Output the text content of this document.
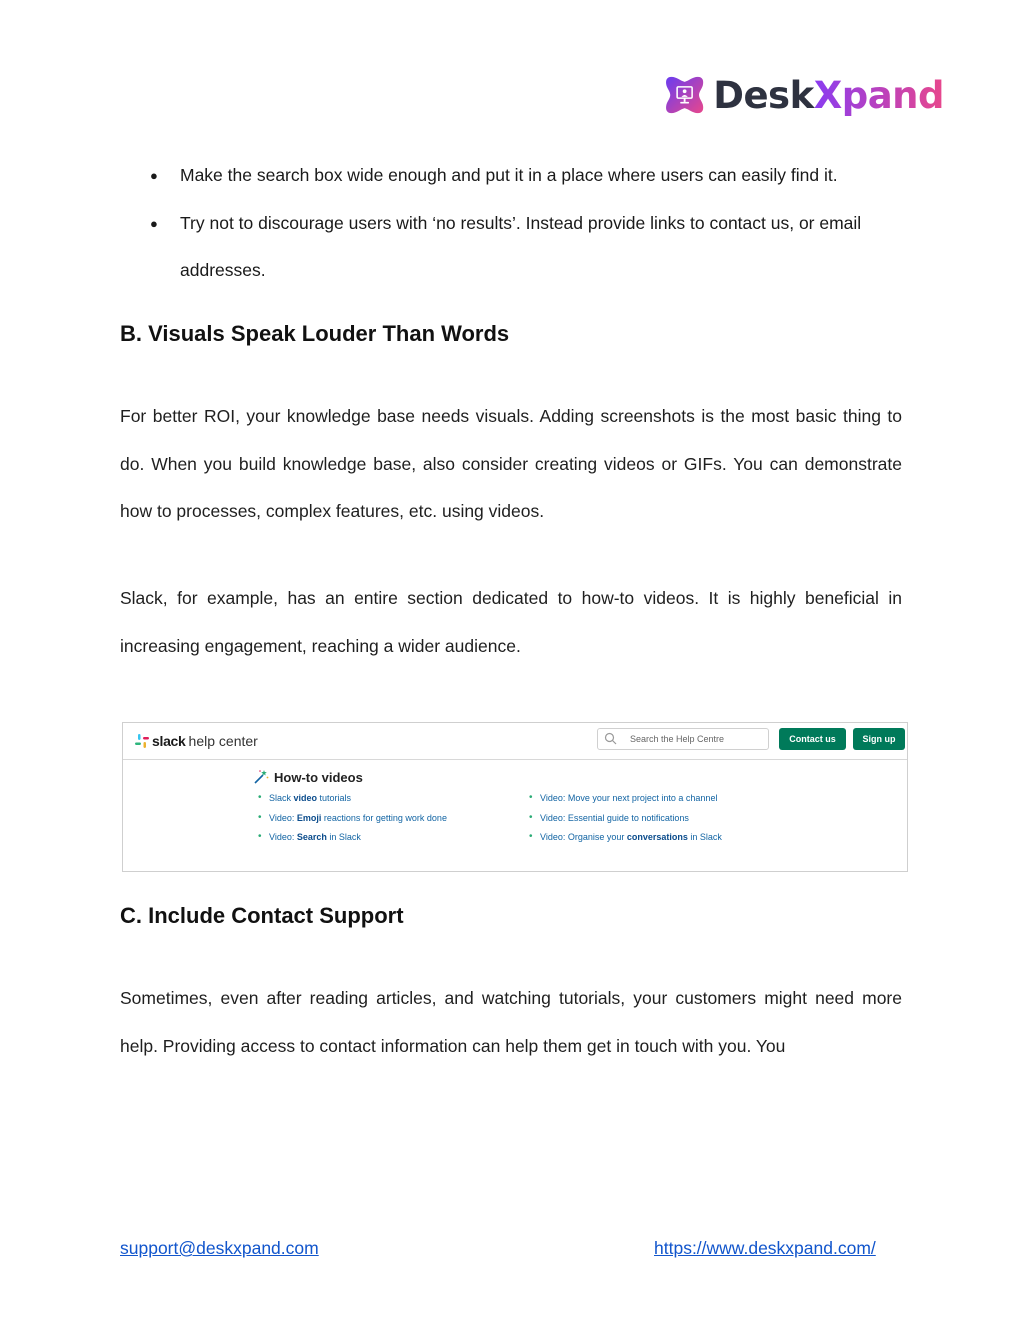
DeskXpand
● Make the search box wide enough and put it in a place where users can easily find it.
● Try not to discourage users with ‘no results’. Instead provide links to contact us, or email addresses.
B. Visuals Speak Louder Than Words

For better ROI, your knowledge base needs visuals. Adding screenshots is the most basic thing to do. When you build knowledge base, also consider creating videos or GIFs. You can demonstrate how to processes, complex features, etc. using videos.

Slack, for example, has an entire section dedicated to how-to videos. It is highly beneficial in increasing engagement, reaching a wider audience.

slack help center	Search the Help Centre	Contact us	Sign up
How-to videos
• Slack video tutorials
• Video: Emoji reactions for getting work done
• Video: Search in Slack
• Video: Move your next project into a channel
• Video: Essential guide to notifications
• Video: Organise your conversations in Slack
C. Include Contact Support

Sometimes, even after reading articles, and watching tutorials, your customers might need more help. Providing access to contact information can help them get in touch with you. You

support@deskxpand.com	https://www.deskxpand.com/
